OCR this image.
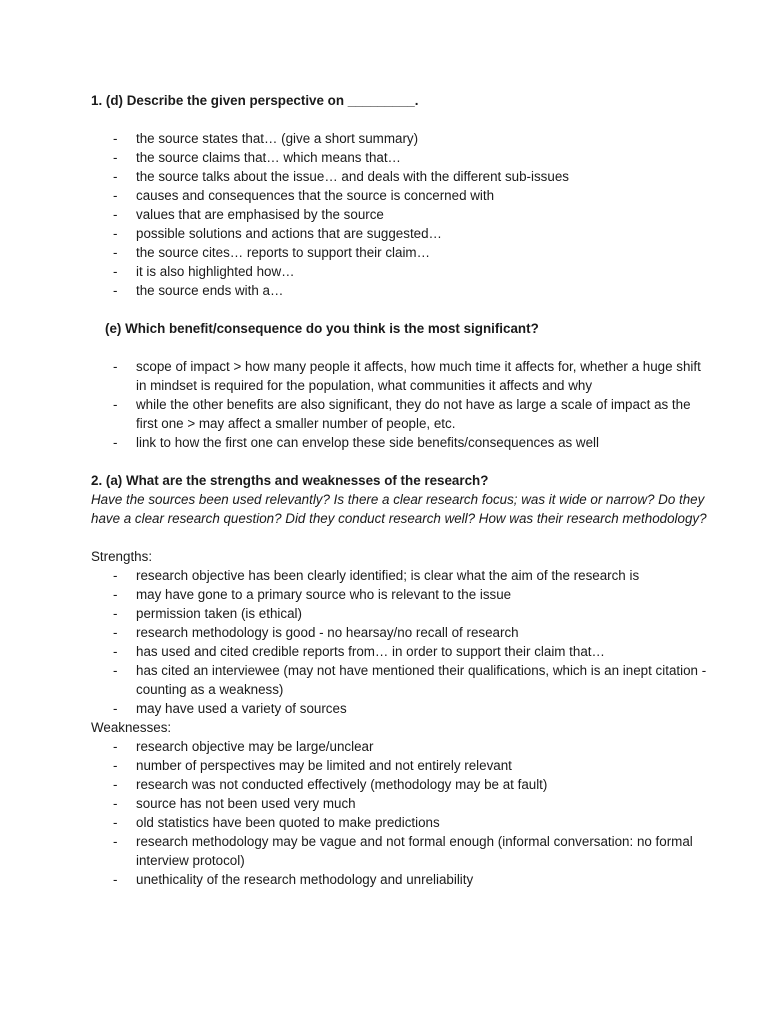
1. (d) Describe the given perspective on _________.

- the source states that… (give a short summary)
- the source claims that… which means that…
- the source talks about the issue… and deals with the different sub-issues
- causes and consequences that the source is concerned with
- values that are emphasised by the source
- possible solutions and actions that are suggested…
- the source cites… reports to support their claim…
- it is also highlighted how…
- the source ends with a…

(e) Which benefit/consequence do you think is the most significant?

- scope of impact > how many people it affects, how much time it affects for, whether a huge shift in mindset is required for the population, what communities it affects and why
- while the other benefits are also significant, they do not have as large a scale of impact as the first one > may affect a smaller number of people, etc.
- link to how the first one can envelop these side benefits/consequences as well

2. (a) What are the strengths and weaknesses of the research?

Have the sources been used relevantly? Is there a clear research focus; was it wide or narrow? Do they have a clear research question? Did they conduct research well? How was their research methodology?

Strengths:

- research objective has been clearly identified; is clear what the aim of the research is
- may have gone to a primary source who is relevant to the issue
- permission taken (is ethical)
- research methodology is good - no hearsay/no recall of research
- has used and cited credible reports from… in order to support their claim that…
- has cited an interviewee (may not have mentioned their qualifications, which is an inept citation - counting as a weakness)
- may have used a variety of sources

Weaknesses:

- research objective may be large/unclear
- number of perspectives may be limited and not entirely relevant
- research was not conducted effectively (methodology may be at fault)
- source has not been used very much
- old statistics have been quoted to make predictions
- research methodology may be vague and not formal enough (informal conversation: no formal interview protocol)
- unethicality of the research methodology and unreliability
